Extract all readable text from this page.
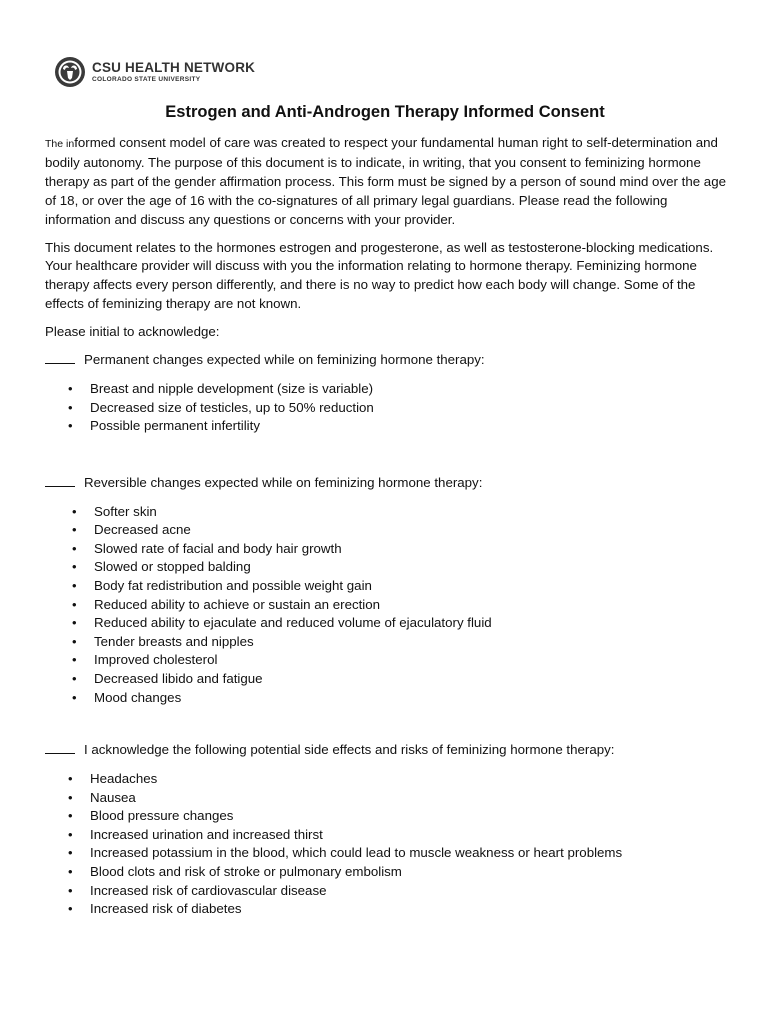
CSU HEALTH NETWORK
COLORADO STATE UNIVERSITY
Estrogen and Anti-Androgen Therapy Informed Consent

The informed consent model of care was created to respect your fundamental human right to self-determination and bodily autonomy. The purpose of this document is to indicate, in writing, that you consent to feminizing hormone therapy as part of the gender affirmation process. This form must be signed by a person of sound mind over the age of 18, or over the age of 16 with the co-signatures of all primary legal guardians. Please read the following information and discuss any questions or concerns with your provider.

This document relates to the hormones estrogen and progesterone, as well as testosterone-blocking medications. Your healthcare provider will discuss with you the information relating to hormone therapy. Feminizing hormone therapy affects every person differently, and there is no way to predict how each body will change. Some of the effects of feminizing therapy are not known.

Please initial to acknowledge:

Permanent changes expected while on feminizing hormone therapy:
• Breast and nipple development (size is variable)
• Decreased size of testicles, up to 50% reduction
• Possible permanent infertility
Reversible changes expected while on feminizing hormone therapy:
• Softer skin
• Decreased acne
• Slowed rate of facial and body hair growth
• Slowed or stopped balding
• Body fat redistribution and possible weight gain
• Reduced ability to achieve or sustain an erection
• Reduced ability to ejaculate and reduced volume of ejaculatory fluid
• Tender breasts and nipples
• Improved cholesterol
• Decreased libido and fatigue
• Mood changes
I acknowledge the following potential side effects and risks of feminizing hormone therapy:
• Headaches
• Nausea
• Blood pressure changes
• Increased urination and increased thirst
• Increased potassium in the blood, which could lead to muscle weakness or heart problems
• Blood clots and risk of stroke or pulmonary embolism
• Increased risk of cardiovascular disease
• Increased risk of diabetes
